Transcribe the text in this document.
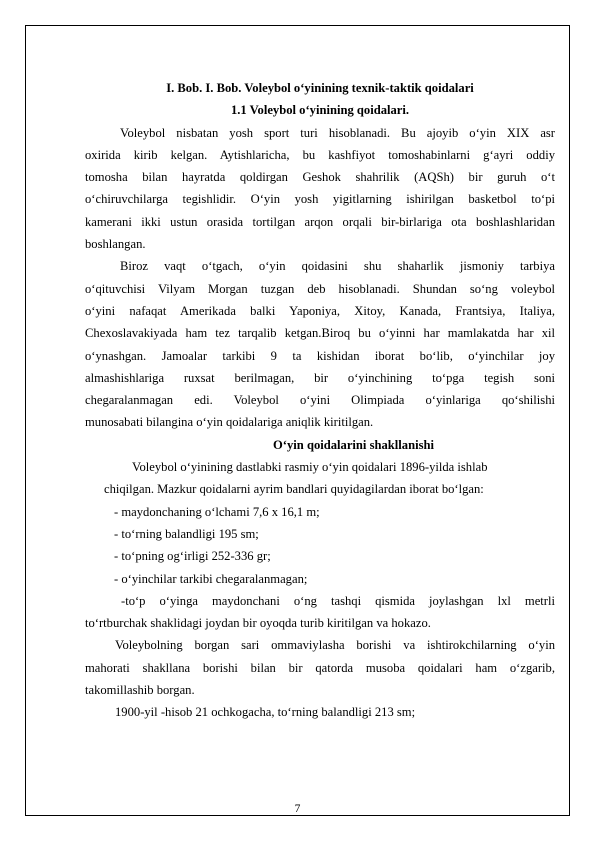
I. Bob. I. Bob. Voleybol o‘yinining texnik-taktik qoidalari
1.1 Voleybol o‘yinining qoidalari.
Voleybol nisbatan yosh sport turi hisoblanadi. Bu ajoyib o‘yin XIX asr
oxirida kirib kelgan. Aytishlaricha, bu kashfiyot tomoshabinlarni g‘ayri oddiy
tomosha bilan hayratda qoldirgan Geshok shahrilik (AQSh) bir guruh o‘t
o‘chiruvchilarga tegishlidir. O‘yin yosh yigitlarning ishirilgan basketbol to‘pi
kamerani ikki ustun orasida tortilgan arqon orqali bir-birlariga ota boshlashlaridan
boshlangan.
Biroz vaqt o‘tgach, o‘yin qoidasini shu shaharlik jismoniy tarbiya
o‘qituvchisi Vilyam Morgan tuzgan deb hisoblanadi. Shundan so‘ng voleybol
o‘yini nafaqat Amerikada balki Yaponiya, Xitoy, Kanada, Frantsiya, Italiya,
Chexoslavakiyada ham tez tarqalib ketgan.Biroq bu o‘yinni har mamlakatda har xil
o‘ynashgan. Jamoalar tarkibi 9 ta kishidan iborat bo‘lib, o‘yinchilar joy
almashishlariga ruxsat berilmagan, bir o‘yinchining to‘pga tegish soni
chegaralanmagan edi. Voleybol o‘yini Olimpiada o‘yinlariga qo‘shilishi
munosabati bilangina o‘yin qoidalariga aniqlik kiritilgan.
O‘yin qoidalarini shakllanishi
Voleybol o‘yinining dastlabki rasmiy o‘yin qoidalari 1896-yilda ishlab
chiqilgan. Mazkur qoidalarni ayrim bandlari quyidagilardan iborat bo‘lgan:
- maydonchaning o‘lchami 7,6 x 16,1 m;
- to‘rning balandligi 195 sm;
- to‘pning og‘irligi 252-336 gr;
- o‘yinchilar tarkibi chegaralanmagan;
-to‘p o‘yinga maydonchani o‘ng tashqi qismida joylashgan lxl metrli
to‘rtburchak shaklidagi joydan bir oyoqda turib kiritilgan va hokazo.
Voleybolning borgan sari ommaviylasha borishi va ishtirokchilarning o‘yin
mahorati shakllana borishi bilan bir qatorda musoba qoidalari ham o‘zgarib,
takomillashib borgan.
1900-yil -hisob 21 ochkogacha, to‘rning balandligi 213 sm;
7
